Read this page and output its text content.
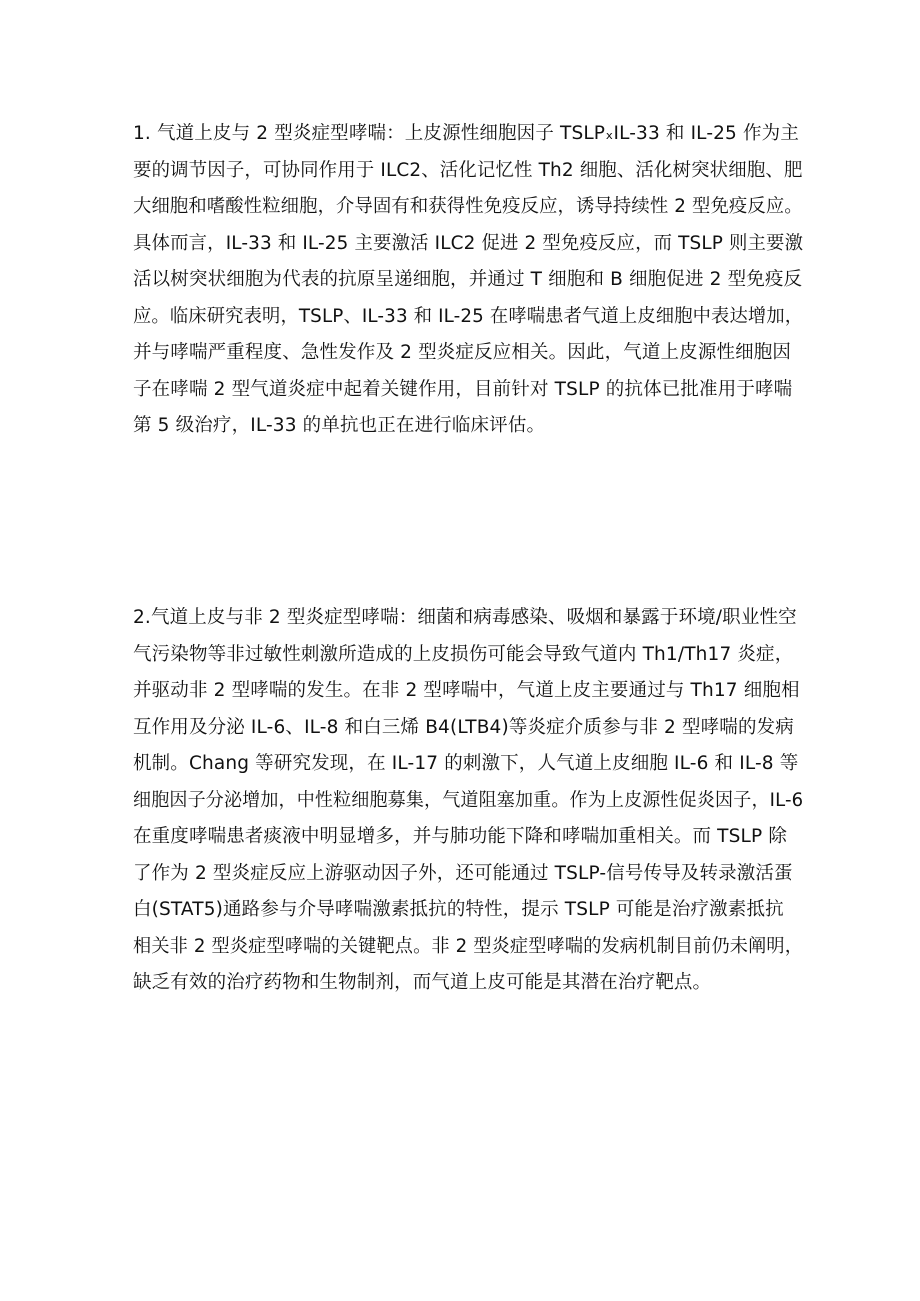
1. 气道上皮与 2 型炎症型哮喘：上皮源性细胞因子 TSLPₓIL-33 和 IL-25 作为主
要的调节因子，可协同作用于 ILC2、活化记忆性 Th2 细胞、活化树突状细胞、肥
大细胞和嗜酸性粒细胞，介导固有和获得性免疫反应，诱导持续性 2 型免疫反应。
具体而言，IL-33 和 IL-25 主要激活 ILC2 促进 2 型免疫反应，而 TSLP 则主要激
活以树突状细胞为代表的抗原呈递细胞，并通过 T 细胞和 B 细胞促进 2 型免疫反
应。临床研究表明，TSLP、IL-33 和 IL-25 在哮喘患者气道上皮细胞中表达增加，
并与哮喘严重程度、急性发作及 2 型炎症反应相关。因此，气道上皮源性细胞因
子在哮喘 2 型气道炎症中起着关键作用，目前针对 TSLP 的抗体已批准用于哮喘
第 5 级治疗，IL-33 的单抗也正在进行临床评估。
2.气道上皮与非 2 型炎症型哮喘：细菌和病毒感染、吸烟和暴露于环境/职业性空
气污染物等非过敏性刺激所造成的上皮损伤可能会导致气道内 Th1/Th17 炎症，
并驱动非 2 型哮喘的发生。在非 2 型哮喘中，气道上皮主要通过与 Th17 细胞相
互作用及分泌 IL-6、IL-8 和白三烯 B4(LTB4)等炎症介质参与非 2 型哮喘的发病
机制。Chang 等研究发现，在 IL-17 的刺激下，人气道上皮细胞 IL-6 和 IL-8 等
细胞因子分泌增加，中性粒细胞募集，气道阻塞加重。作为上皮源性促炎因子，IL-6
在重度哮喘患者痰液中明显增多，并与肺功能下降和哮喘加重相关。而 TSLP 除
了作为 2 型炎症反应上游驱动因子外，还可能通过 TSLP-信号传导及转录激活蛋
白(STAT5)通路参与介导哮喘激素抵抗的特性，提示 TSLP 可能是治疗激素抵抗
相关非 2 型炎症型哮喘的关键靶点。非 2 型炎症型哮喘的发病机制目前仍未阐明，
缺乏有效的治疗药物和生物制剂，而气道上皮可能是其潜在治疗靶点。
